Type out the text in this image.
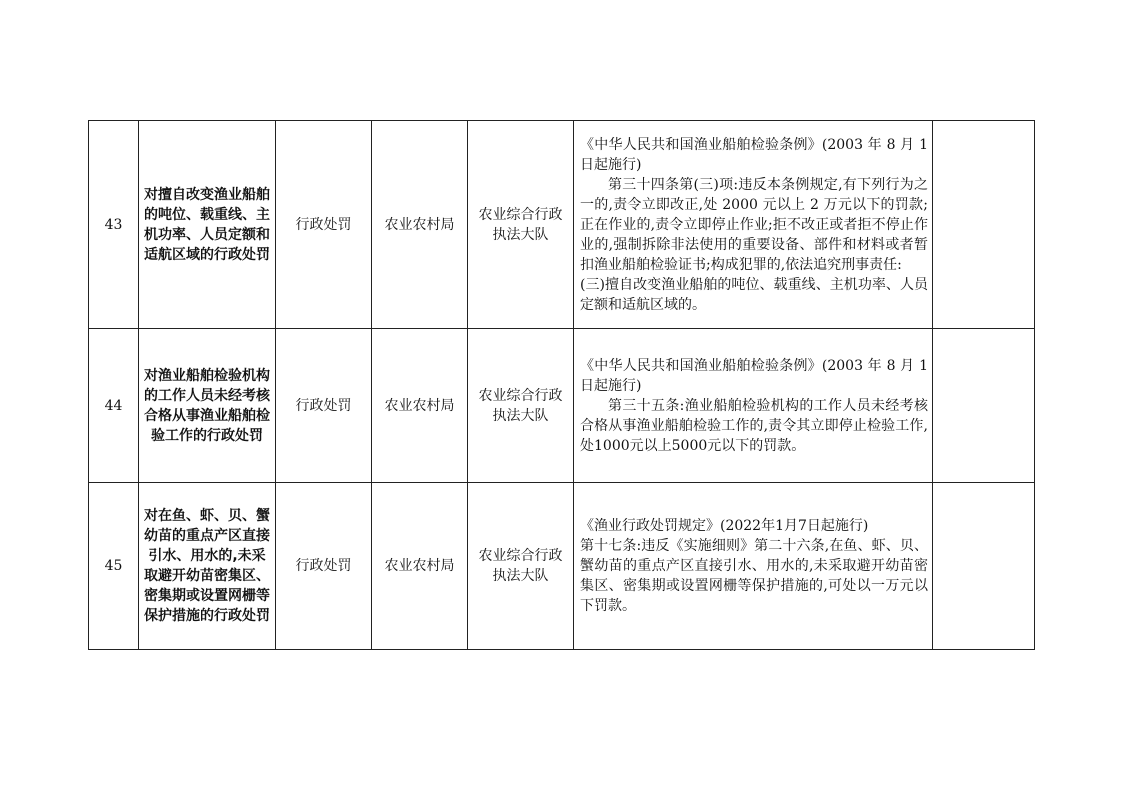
43	对擅自改变渔业船舶的吨位、载重线、主机功率、人员定额和适航区域的行政处罚	行政处罚	农业农村局	农业综合行政执法大队	《中华人民共和国渔业船舶检验条例》(2003 年 8 月 1 日起施行)

第三十四条第(三)项:违反本条例规定,有下列行为之一的,责令立即改正,处 2000 元以上 2 万元以下的罚款;正在作业的,责令立即停止作业;拒不改正或者拒不停止作业的,强制拆除非法使用的重要设备、部件和材料或者暂扣渔业船舶检验证书;构成犯罪的,依法追究刑事责任:

(三)擅自改变渔业船舶的吨位、载重线、主机功率、人员定额和适航区域的。	

44	对渔业船舶检验机构的工作人员未经考核合格从事渔业船舶检验工作的行政处罚	行政处罚	农业农村局	农业综合行政执法大队	《中华人民共和国渔业船舶检验条例》(2003 年 8 月 1 日起施行)

第三十五条:渔业船舶检验机构的工作人员未经考核合格从事渔业船舶检验工作的,责令其立即停止检验工作,处1000元以上5000元以下的罚款。	

45	对在鱼、虾、贝、蟹幼苗的重点产区直接引水、用水的,未采取避开幼苗密集区、密集期或设置网栅等保护措施的行政处罚	行政处罚	农业农村局	农业综合行政执法大队	《渔业行政处罚规定》(2022年1月7日起施行)

第十七条:违反《实施细则》第二十六条,在鱼、虾、贝、蟹幼苗的重点产区直接引水、用水的,未采取避开幼苗密集区、密集期或设置网栅等保护措施的,可处以一万元以下罚款。	
